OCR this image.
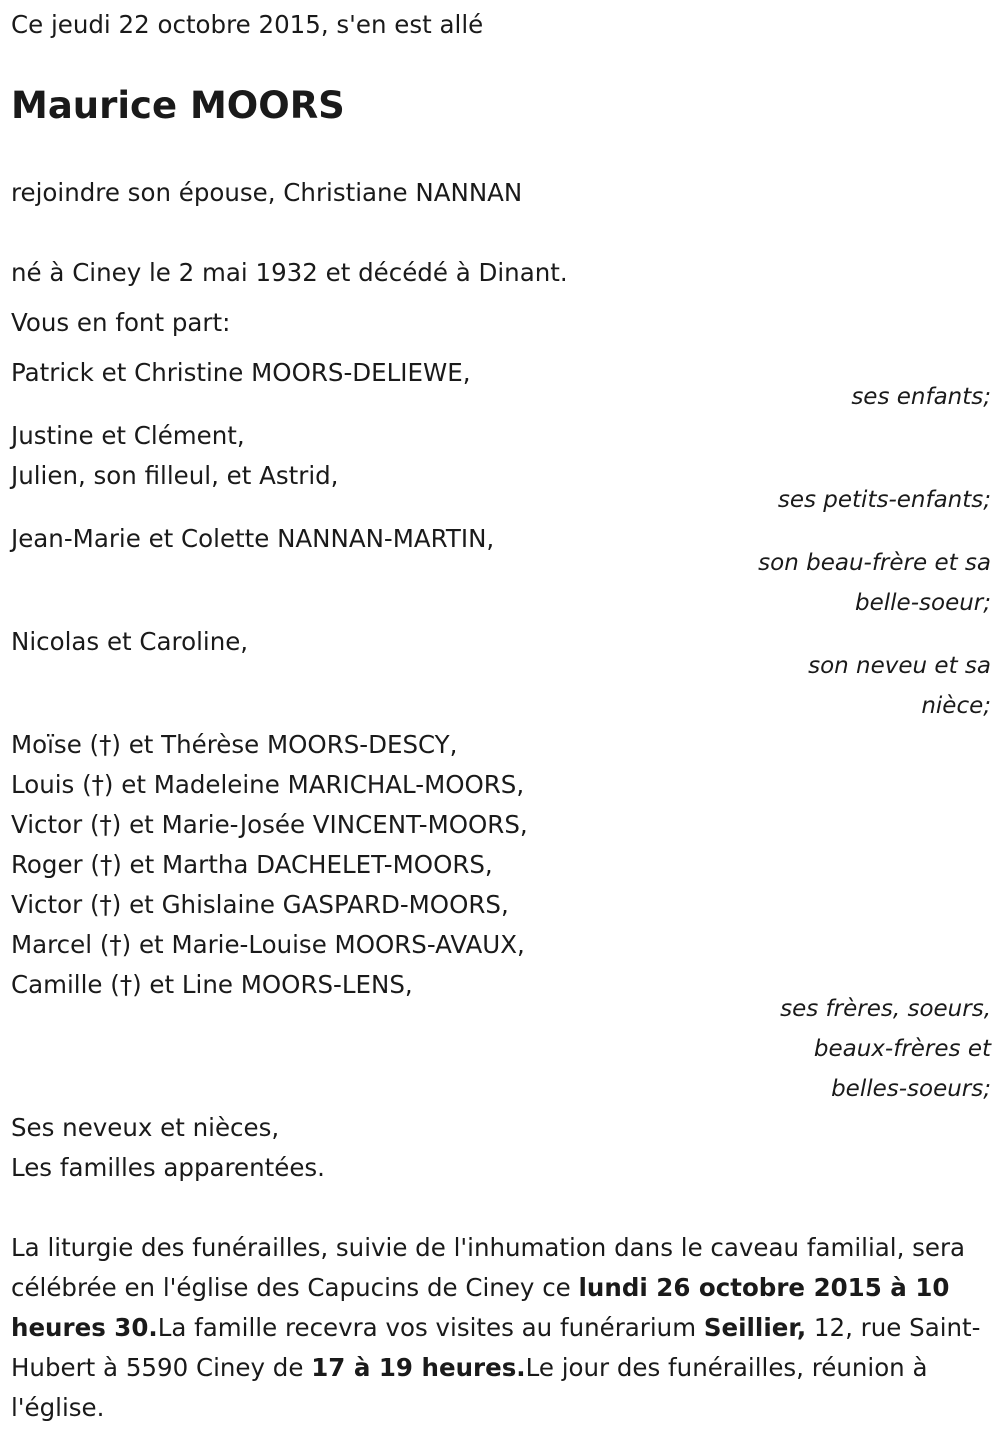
Ce jeudi 22 octobre 2015, s'en est allé
Maurice MOORS
rejoindre son épouse, Christiane NANNAN
né à Ciney le 2 mai 1932 et décédé à Dinant.
Vous en font part:
Patrick et Christine MOORS-DELIEWE,
ses enfants;
Justine et Clément,
Julien, son filleul, et Astrid,
ses petits-enfants;
Jean-Marie et Colette NANNAN-MARTIN,
son beau-frère et sa
belle-soeur;
Nicolas et Caroline,
son neveu et sa
nièce;
Moïse (†) et Thérèse MOORS-DESCY,
Louis (†) et Madeleine MARICHAL-MOORS,
Victor (†) et Marie-Josée VINCENT-MOORS,
Roger (†) et Martha DACHELET-MOORS,
Victor (†) et Ghislaine GASPARD-MOORS,
Marcel (†) et Marie-Louise MOORS-AVAUX,
Camille (†) et Line MOORS-LENS,
ses frères, soeurs,
beaux-frères et
belles-soeurs;
Ses neveux et nièces,
Les familles apparentées.
La liturgie des funérailles, suivie de l'inhumation dans le caveau familial, sera célébrée en l'église des Capucins de Ciney ce lundi 26 octobre 2015 à 10 heures 30.La famille recevra vos visites au funérarium Seillier, 12, rue Saint-Hubert à 5590 Ciney de 17 à 19 heures.Le jour des funérailles, réunion à l'église.
